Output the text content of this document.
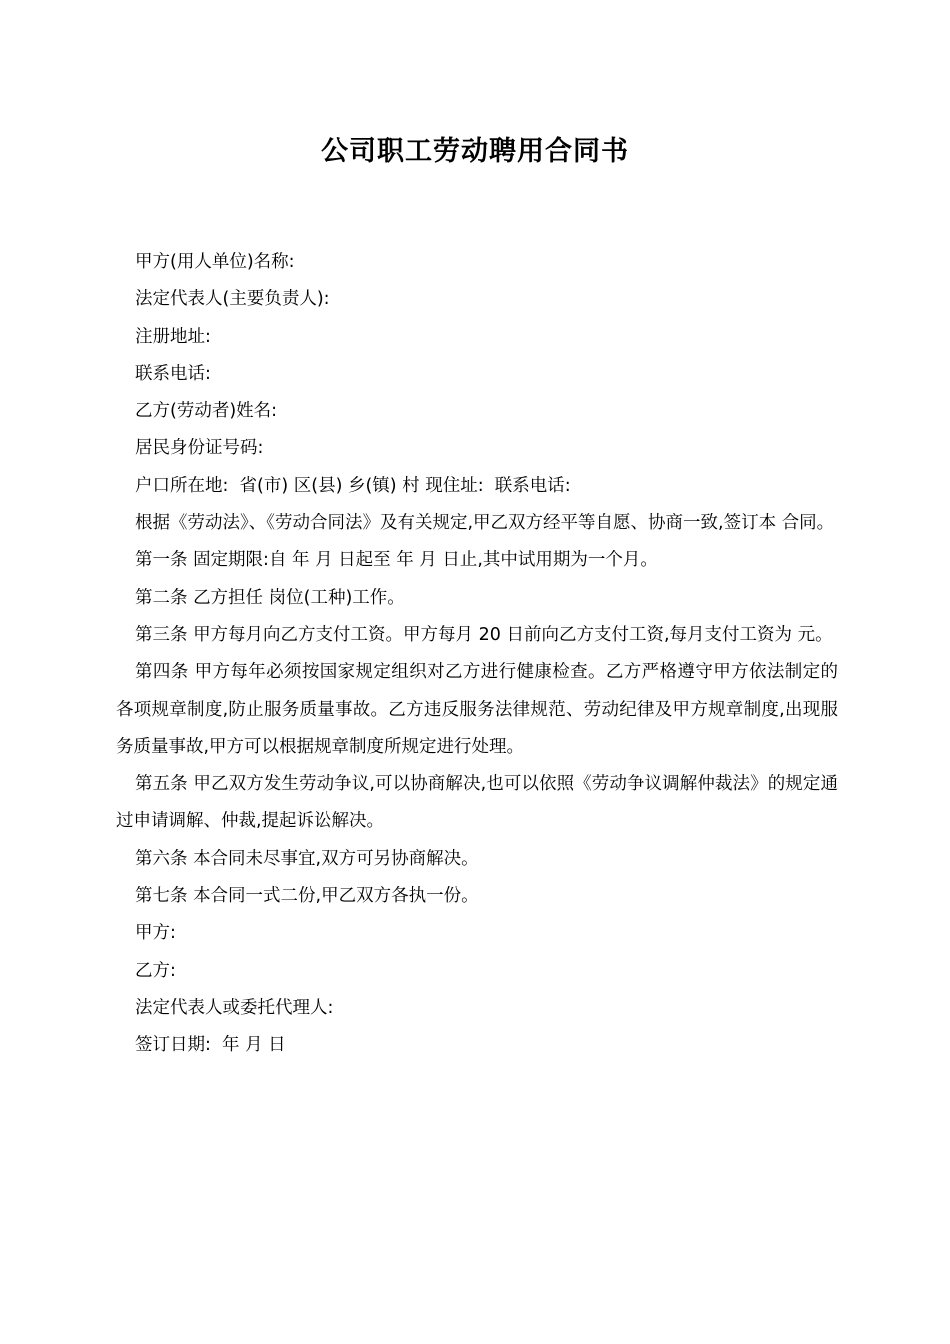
公司职工劳动聘用合同书

甲方(用人单位)名称:

法定代表人(主要负责人):

注册地址:

联系电话:

乙方(劳动者)姓名:

居民身份证号码:

户口所在地:  省(市) 区(县) 乡(镇) 村 现住址:  联系电话:

根据《劳动法》、《劳动合同法》及有关规定,甲乙双方经平等自愿、协商一致,签订本 合同。

第一条 固定期限:自 年 月 日起至 年 月 日止,其中试用期为一个月。

第二条 乙方担任 岗位(工种)工作。

第三条 甲方每月向乙方支付工资。甲方每月 20 日前向乙方支付工资,每月支付工资为 元。

第四条 甲方每年必须按国家规定组织对乙方进行健康检查。乙方严格遵守甲方依法制定的各项规章制度,防止服务质量事故。乙方违反服务法律规范、劳动纪律及甲方规章制度,出现服务质量事故,甲方可以根据规章制度所规定进行处理。

第五条 甲乙双方发生劳动争议,可以协商解决,也可以依照《劳动争议调解仲裁法》的规定通过申请调解、仲裁,提起诉讼解决。

第六条 本合同未尽事宜,双方可另协商解决。

第七条 本合同一式二份,甲乙双方各执一份。

甲方:

乙方:

法定代表人或委托代理人:

签订日期:  年 月 日
